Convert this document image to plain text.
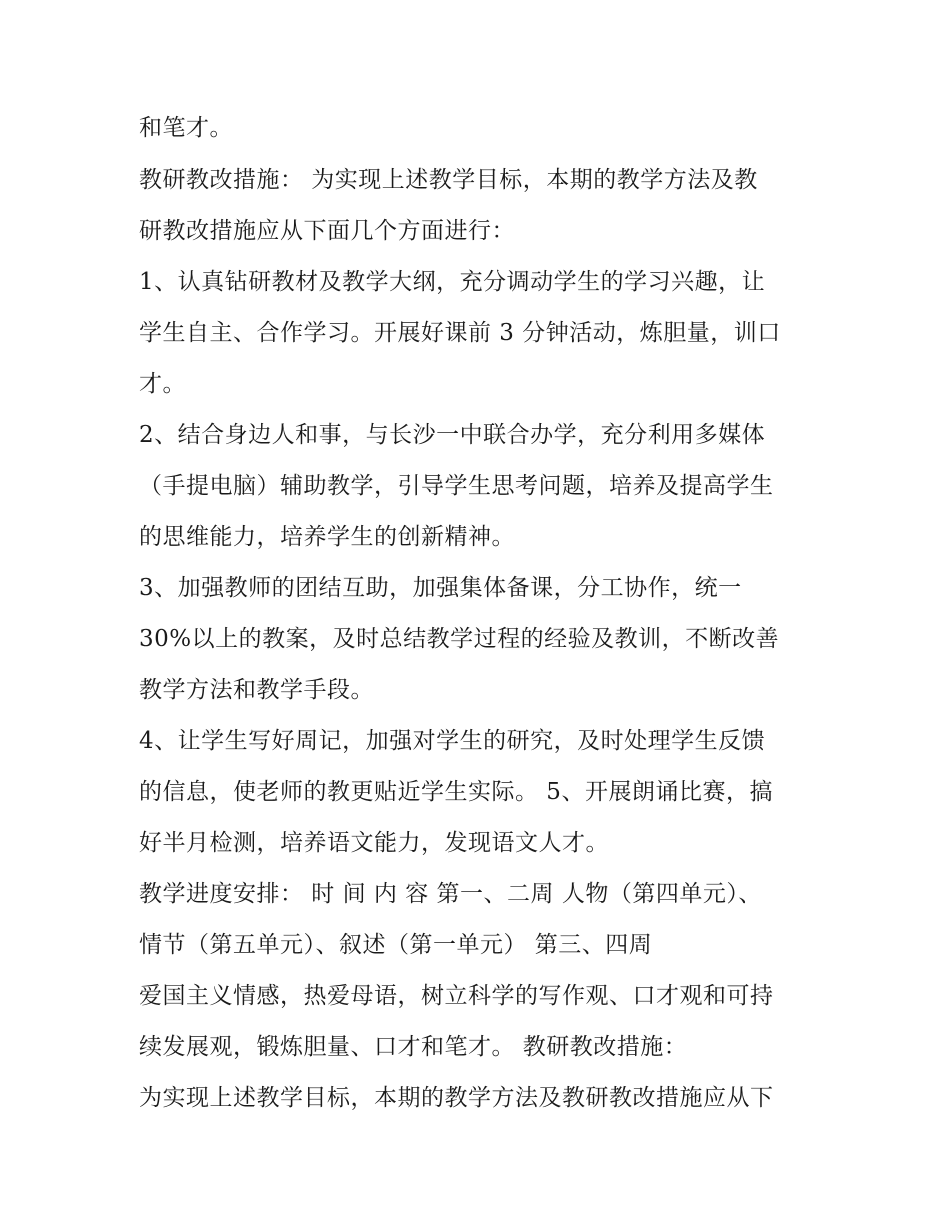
和笔才。
教研教改措施： 为实现上述教学目标，本期的教学方法及教
研教改措施应从下面几个方面进行：
1、认真钻研教材及教学大纲，充分调动学生的学习兴趣，让
学生自主、合作学习。开展好课前 3 分钟活动，炼胆量，训口
才。
2、结合身边人和事，与长沙一中联合办学，充分利用多媒体
（手提电脑）辅助教学，引导学生思考问题，培养及提高学生
的思维能力，培养学生的创新精神。
3、加强教师的团结互助，加强集体备课，分工协作，统一
30%以上的教案，及时总结教学过程的经验及教训，不断改善
教学方法和教学手段。
4、让学生写好周记，加强对学生的研究，及时处理学生反馈
的信息，使老师的教更贴近学生实际。 5、开展朗诵比赛，搞
好半月检测，培养语文能力，发现语文人才。
教学进度安排： 时 间 内 容 第一、二周 人物（第四单元）、
情节（第五单元）、叙述（第一单元） 第三、四周
爱国主义情感，热爱母语，树立科学的写作观、口才观和可持
续发展观，锻炼胆量、口才和笔才。 教研教改措施：
为实现上述教学目标，本期的教学方法及教研教改措施应从下
